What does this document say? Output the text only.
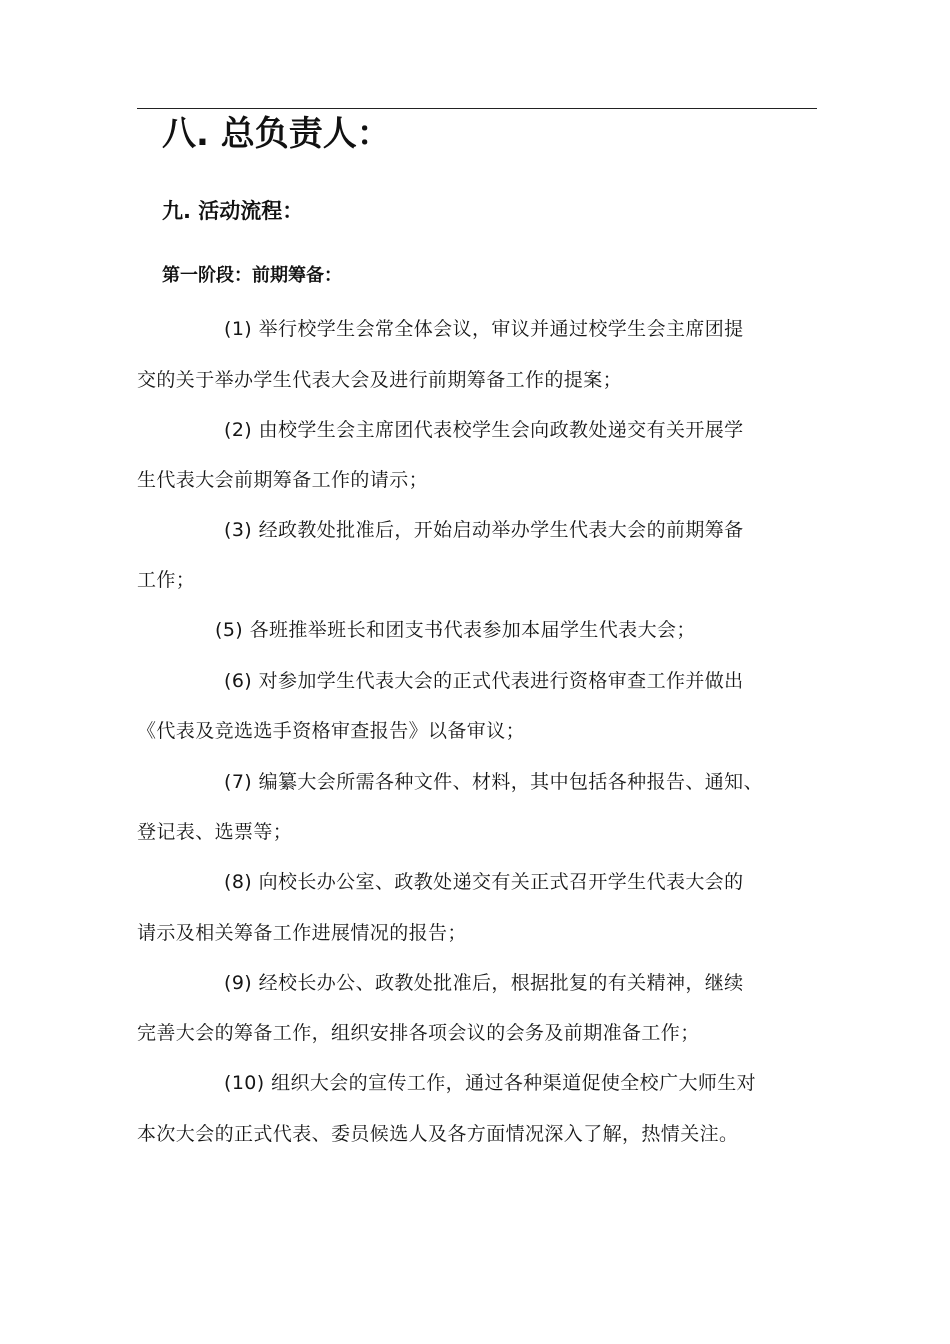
八. 总负责人：
九. 活动流程：
第一阶段：前期筹备：
(1) 举行校学生会常全体会议，审议并通过校学生会主席团提
交的关于举办学生代表大会及进行前期筹备工作的提案；
(2) 由校学生会主席团代表校学生会向政教处递交有关开展学
生代表大会前期筹备工作的请示；
(3) 经政教处批准后，开始启动举办学生代表大会的前期筹备
工作；
(5) 各班推举班长和团支书代表参加本届学生代表大会；
(6) 对参加学生代表大会的正式代表进行资格审查工作并做出
《代表及竞选选手资格审查报告》以备审议；
(7) 编纂大会所需各种文件、材料，其中包括各种报告、通知、
登记表、选票等；
(8) 向校长办公室、政教处递交有关正式召开学生代表大会的
请示及相关筹备工作进展情况的报告；
(9) 经校长办公、政教处批准后，根据批复的有关精神，继续
完善大会的筹备工作，组织安排各项会议的会务及前期准备工作；
(10) 组织大会的宣传工作，通过各种渠道促使全校广大师生对
本次大会的正式代表、委员候选人及各方面情况深入了解，热情关注。
